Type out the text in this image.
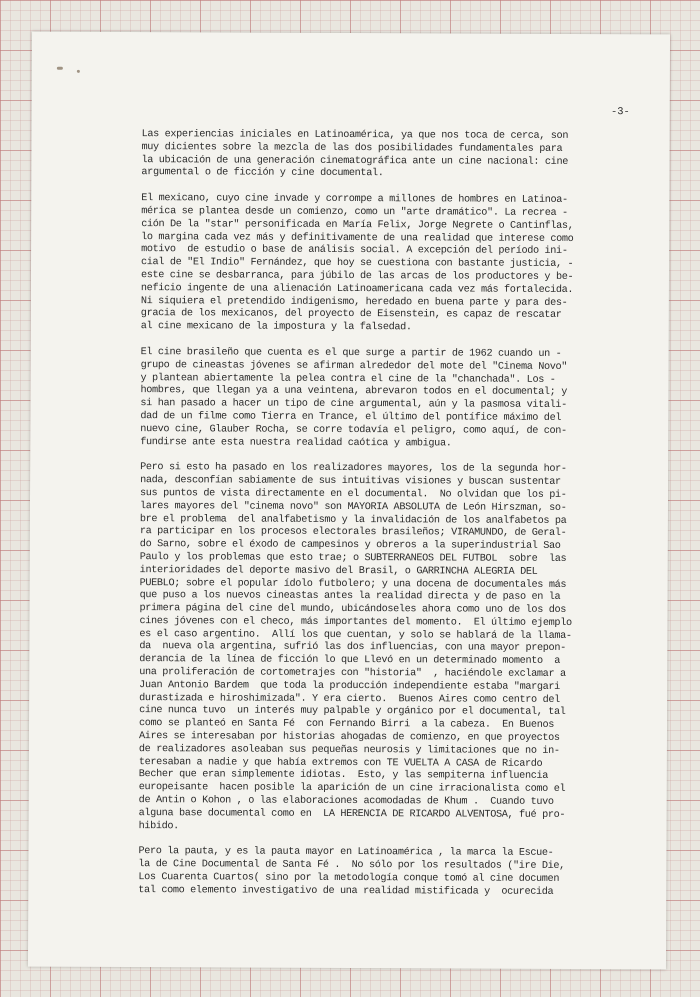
-3-
Las experiencias iniciales en Latinoamérica, ya que nos toca de cerca, son
muy dicientes sobre la mezcla de las dos posibilidades fundamentales para
la ubicación de una generación cinematográfica ante un cine nacional: cine
argumental o de ficción y cine documental.
El mexicano, cuyo cine invade y corrompe a millones de hombres en Latinoa-
mérica se plantea desde un comienzo, como un "arte dramático". La recrea -
ción De la "star" personificada en María Felix, Jorge Negrete o Cantinflas,
lo margina cada vez más y definitivamente de una realidad que interese como
motivo  de estudio o base de análisis social. A excepción del período ini-
cial de "El Indio" Fernández, que hoy se cuestiona con bastante justicia, -
este cine se desbarranca, para júbilo de las arcas de los productores y be-
neficio ingente de una alienación Latinoamericana cada vez más fortalecida.
Ni siquiera el pretendido indigenismo, heredado en buena parte y para des-
gracia de los mexicanos, del proyecto de Eisenstein, es capaz de rescatar
al cine mexicano de la impostura y la falsedad.
El cine brasileño que cuenta es el que surge a partir de 1962 cuando un -
grupo de cineastas jóvenes se afirman alrededor del mote del "Cinema Novo"
y plantean abiertamente la pelea contra el cine de la "chanchada". Los -
hombres, que llegan ya a una veintena, abrevaron todos en el documental; y
si han pasado a hacer un tipo de cine argumental, aún y la pasmosa vitali-
dad de un filme como Tierra en Trance, el último del pontífice máximo del
nuevo cine, Glauber Rocha, se corre todavía el peligro, como aquí, de con-
fundirse ante esta nuestra realidad caótica y ambigua.
Pero si esto ha pasado en los realizadores mayores, los de la segunda hor-
nada, desconfían sabiamente de sus intuitivas visiones y buscan sustentar
sus puntos de vista directamente en el documental.  No olvidan que los pi-
lares mayores del "cinema novo" son MAYORIA ABSOLUTA de León Hirszman, so-
bre el problema  del analfabetismo y la invalidación de los analfabetos pa
ra participar en los procesos electorales brasileños; VIRAMUNDO, de Geral-
do Sarno, sobre el éxodo de campesinos y obreros a la superindustrial Sao
Paulo y los problemas que esto trae; o SUBTERRANEOS DEL FUTBOL  sobre  las
interioridades del deporte masivo del Brasil, o GARRINCHA ALEGRIA DEL
PUEBLO; sobre el popular ídolo futbolero; y una docena de documentales más
que puso a los nuevos cineastas antes la realidad directa y de paso en la
primera página del cine del mundo, ubicándoseles ahora como uno de los dos
cines jóvenes con el checo, más importantes del momento.  El último ejemplo
es el caso argentino.  Allí los que cuentan, y solo se hablará de la llama-
da  nueva ola argentina, sufrió las dos influencias, con una mayor prepon-
derancia de la línea de ficción lo que Llevó en un determinado momento  a
una proliferación de cortometrajes con "historia"  , haciéndole exclamar a
Juan Antonio Bardem  que toda la producción independiente estaba "margari
durastizada e hiroshimizada". Y era cierto.  Buenos Aires como centro del
cine nunca tuvo  un interés muy palpable y orgánico por el documental, tal
como se planteó en Santa Fé  con Fernando Birri  a la cabeza.  En Buenos
Aires se interesaban por historias ahogadas de comienzo, en que proyectos
de realizadores asoleaban sus pequeñas neurosis y limitaciones que no in-
teresaban a nadie y que había extremos con TE VUELTA A CASA de Ricardo
Becher que eran simplemente idiotas.  Esto, y las sempiterna influencia
europeisante  hacen posible la aparición de un cine irracionalista como el
de Antin o Kohon , o las elaboraciones acomodadas de Khum .  Cuando tuvo
alguna base documental como en  LA HERENCIA DE RICARDO ALVENTOSA, fué pro-
hibido.
Pero la pauta, y es la pauta mayor en Latinoamérica , la marca la Escue-
la de Cine Documental de Santa Fé .  No sólo por los resultados ("ire Die,
Los Cuarenta Cuartos( sino por la metodología conque tomó al cine documen
tal como elemento investigativo de una realidad mistificada y  ocurecida
